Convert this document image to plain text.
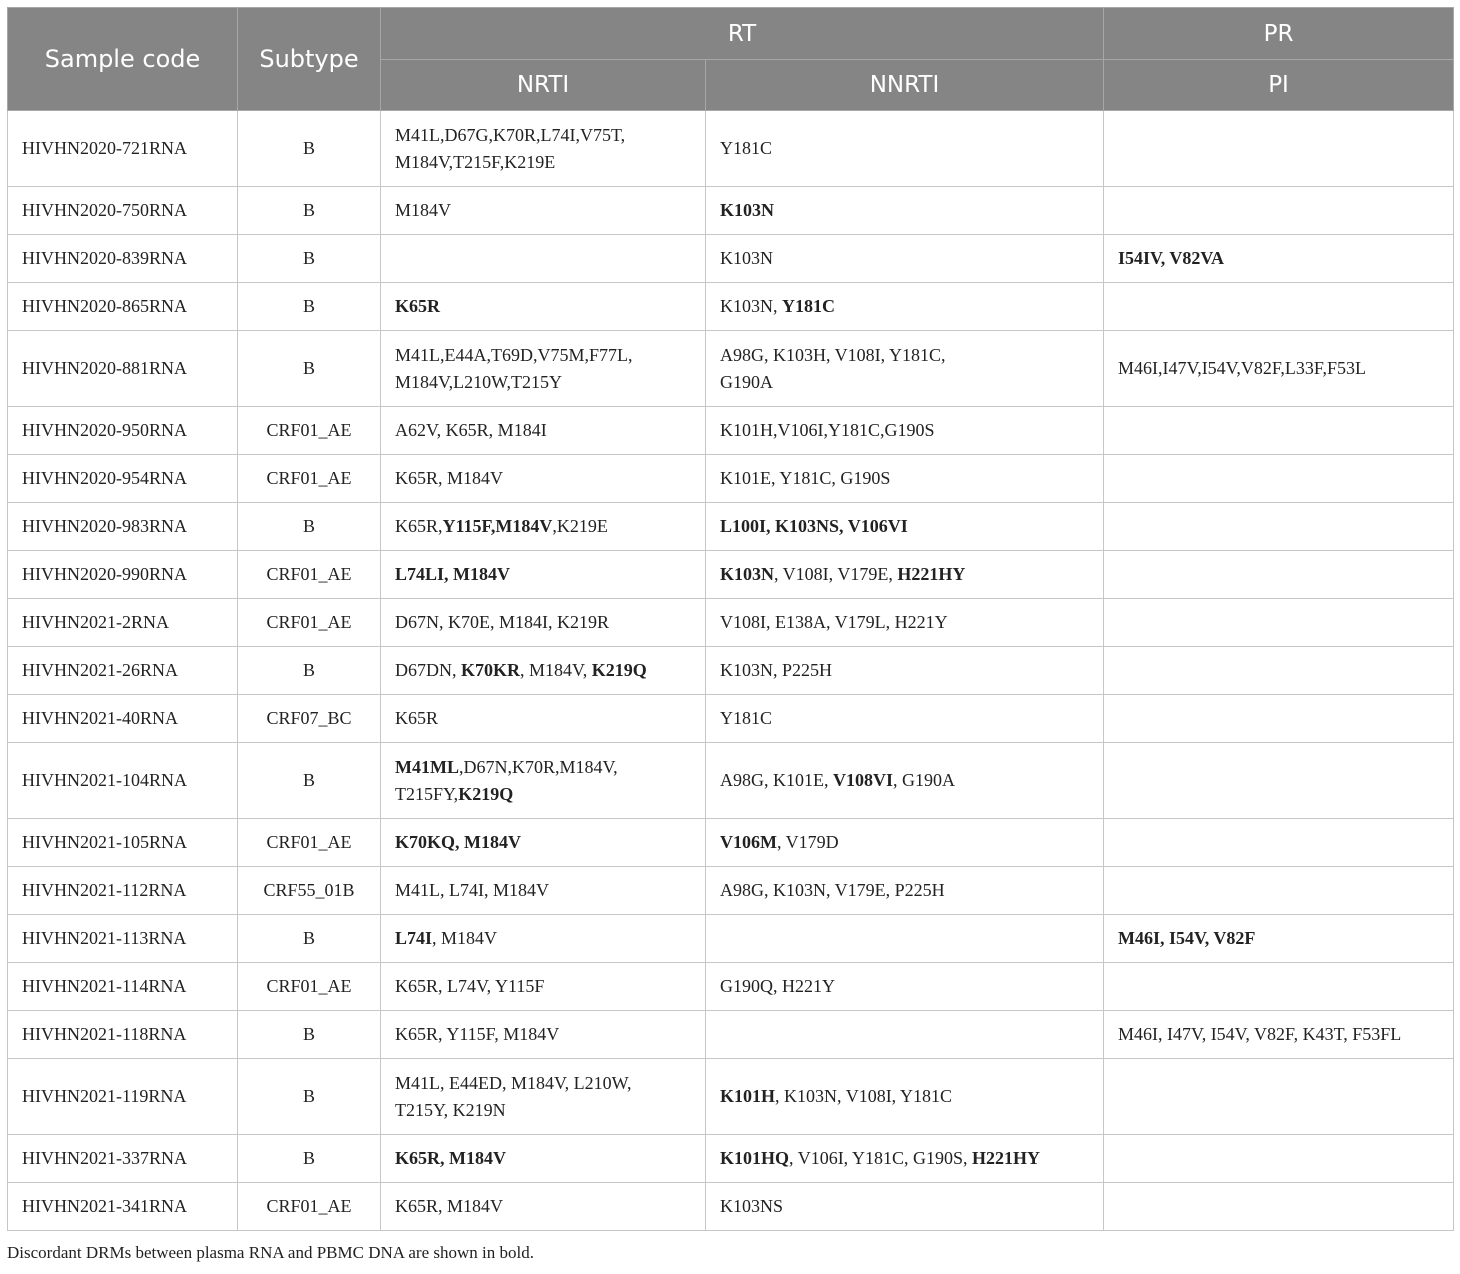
Sample code	Subtype	RT		PR
		NRTI	NNRTI	PI
HIVHN2020-721RNA	B	M41L,D67G,K70R,L74I,V75T,
M184V,T215F,K219E	Y181C	
HIVHN2020-750RNA	B	M184V	K103N	
HIVHN2020-839RNA	B		K103N	I54IV, V82VA
HIVHN2020-865RNA	B	K65R	K103N, Y181C	
HIVHN2020-881RNA	B	M41L,E44A,T69D,V75M,F77L,
M184V,L210W,T215Y	A98G, K103H, V108I, Y181C,
G190A	M46I,I47V,I54V,V82F,L33F,F53L
HIVHN2020-950RNA	CRF01_AE	A62V, K65R, M184I	K101H,V106I,Y181C,G190S	
HIVHN2020-954RNA	CRF01_AE	K65R, M184V	K101E, Y181C, G190S	
HIVHN2020-983RNA	B	K65R,Y115F,M184V,K219E	L100I, K103NS, V106VI	
HIVHN2020-990RNA	CRF01_AE	L74LI, M184V	K103N, V108I, V179E, H221HY	
HIVHN2021-2RNA	CRF01_AE	D67N, K70E, M184I, K219R	V108I, E138A, V179L, H221Y	
HIVHN2021-26RNA	B	D67DN, K70KR, M184V, K219Q	K103N, P225H	
HIVHN2021-40RNA	CRF07_BC	K65R	Y181C	
HIVHN2021-104RNA	B	M41ML,D67N,K70R,M184V,
T215FY,K219Q	A98G, K101E, V108VI, G190A	
HIVHN2021-105RNA	CRF01_AE	K70KQ, M184V	V106M, V179D	
HIVHN2021-112RNA	CRF55_01B	M41L, L74I, M184V	A98G, K103N, V179E, P225H	
HIVHN2021-113RNA	B	L74I, M184V		M46I, I54V, V82F
HIVHN2021-114RNA	CRF01_AE	K65R, L74V, Y115F	G190Q, H221Y	
HIVHN2021-118RNA	B	K65R, Y115F, M184V		M46I, I47V, I54V, V82F, K43T, F53FL
HIVHN2021-119RNA	B	M41L, E44ED, M184V, L210W,
T215Y, K219N	K101H, K103N, V108I, Y181C	
HIVHN2021-337RNA	B	K65R, M184V	K101HQ, V106I, Y181C, G190S, H221HY	
HIVHN2021-341RNA	CRF01_AE	K65R, M184V	K103NS	
Discordant DRMs between plasma RNA and PBMC DNA are shown in bold.
